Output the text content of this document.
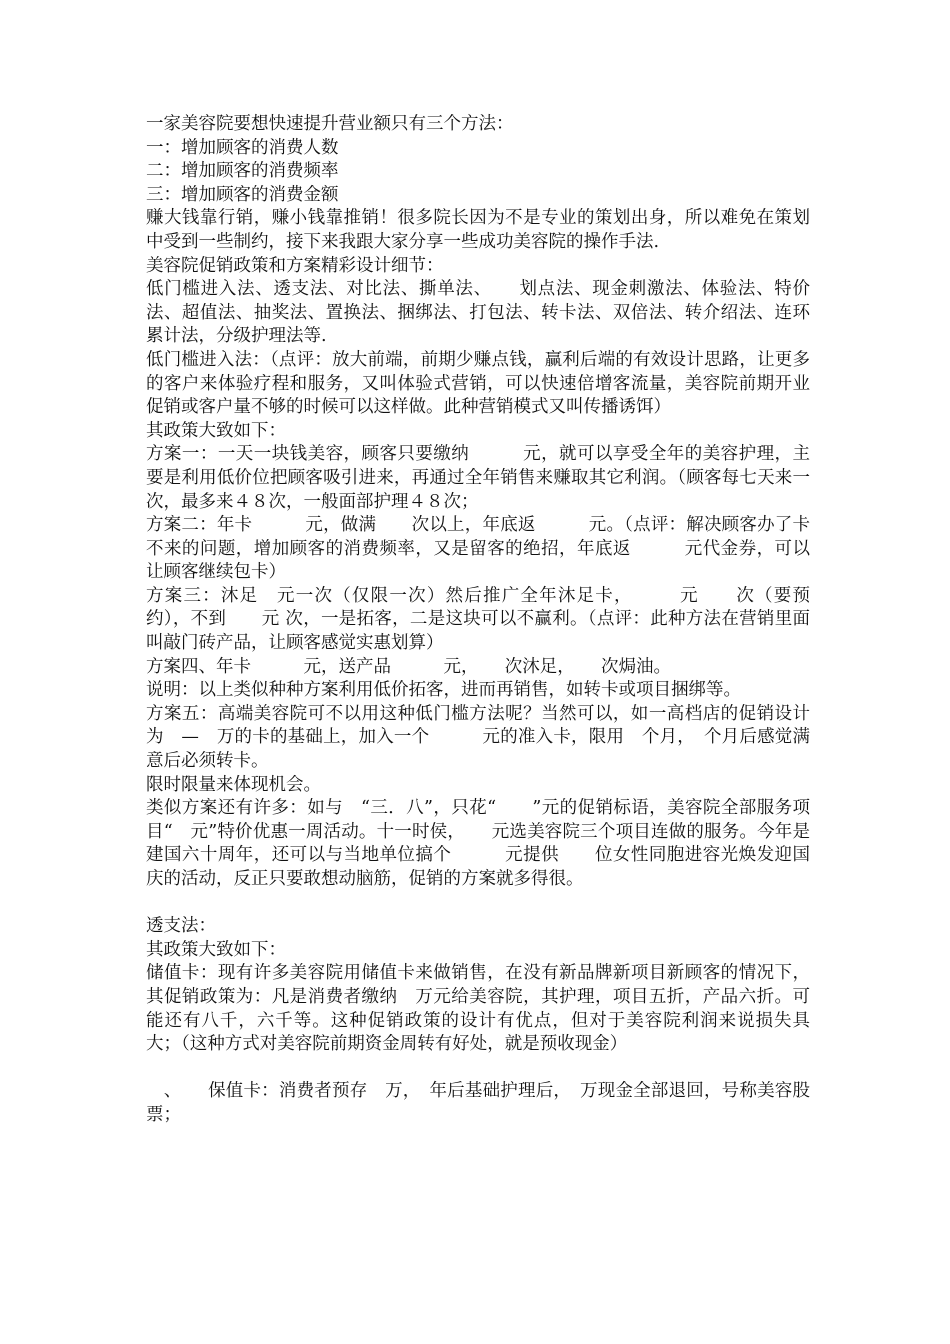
一家美容院要想快速提升营业额只有三个方法：

一：增加顾客的消费人数

二：增加顾客的消费频率

三：增加顾客的消费金额

赚大钱靠行销，赚小钱靠推销！很多院长因为不是专业的策划出身，所以难免在策划中受到一些制约，接下来我跟大家分享一些成功美容院的操作手法.

美容院促销政策和方案精彩设计细节：

低门槛进入法、透支法、对比法、撕单法、　　划点法、现金刺激法、体验法、特价法、超值法、抽奖法、置换法、捆绑法、打包法、转卡法、双倍法、转介绍法、连环累计法，分级护理法等.

低门槛进入法：（点评：放大前端，前期少赚点钱，赢利后端的有效设计思路，让更多的客户来体验疗程和服务，又叫体验式营销，可以快速倍增客流量，美容院前期开业促销或客户量不够的时候可以这样做。此种营销模式又叫传播诱饵）

其政策大致如下：

方案一：一天一块钱美容，顾客只要缴纳　　　元，就可以享受全年的美容护理，主要是利用低价位把顾客吸引进来，再通过全年销售来赚取其它利润。（顾客每七天来一次，最多来４８次，一般面部护理４８次；

方案二：年卡　　　元，做满　　次以上，年底返　　　元。（点评：解决顾客办了卡不来的问题，增加顾客的消费频率，又是留客的绝招，年底返　　　元代金券，可以让顾客继续包卡）

方案三：沐足　元一次（仅限一次）然后推广全年沐足卡，　　　元　　次（要预约），不到　　元 次，一是拓客，二是这块可以不赢利。（点评：此种方法在营销里面叫敲门砖产品，让顾客感觉实惠划算）

方案四、年卡　　　元，送产品　　　元，　　次沐足，　　次焗油。

说明：以上类似种种方案利用低价拓客，进而再销售，如转卡或项目捆绑等。

方案五：高端美容院可不以用这种低门槛方法呢？当然可以，如一高档店的促销设计为　—　万的卡的基础上，加入一个　　　元的准入卡，限用　个月，　个月后感觉满意后必须转卡。

限时限量来体现机会。

类似方案还有许多：如与　“三．八”，只花“　　”元的促销标语，美容院全部服务项目“　元”特价优惠一周活动。十一时侯，　　元选美容院三个项目连做的服务。今年是建国六十周年，还可以与当地单位搞个　　　元提供　　位女性同胞进容光焕发迎国庆的活动，反正只要敢想动脑筋，促销的方案就多得很。

透支法：

其政策大致如下：

储值卡：现有许多美容院用储值卡来做销售，在没有新品牌新项目新顾客的情况下，其促销政策为：凡是消费者缴纳　万元给美容院，其护理，项目五折，产品六折。可能还有八千，六千等。这种促销政策的设计有优点，但对于美容院利润来说损失具大；（这种方式对美容院前期资金周转有好处，就是预收现金）

　、　　保值卡：消费者预存　万，　年后基础护理后，　万现金全部退回，号称美容股票；
